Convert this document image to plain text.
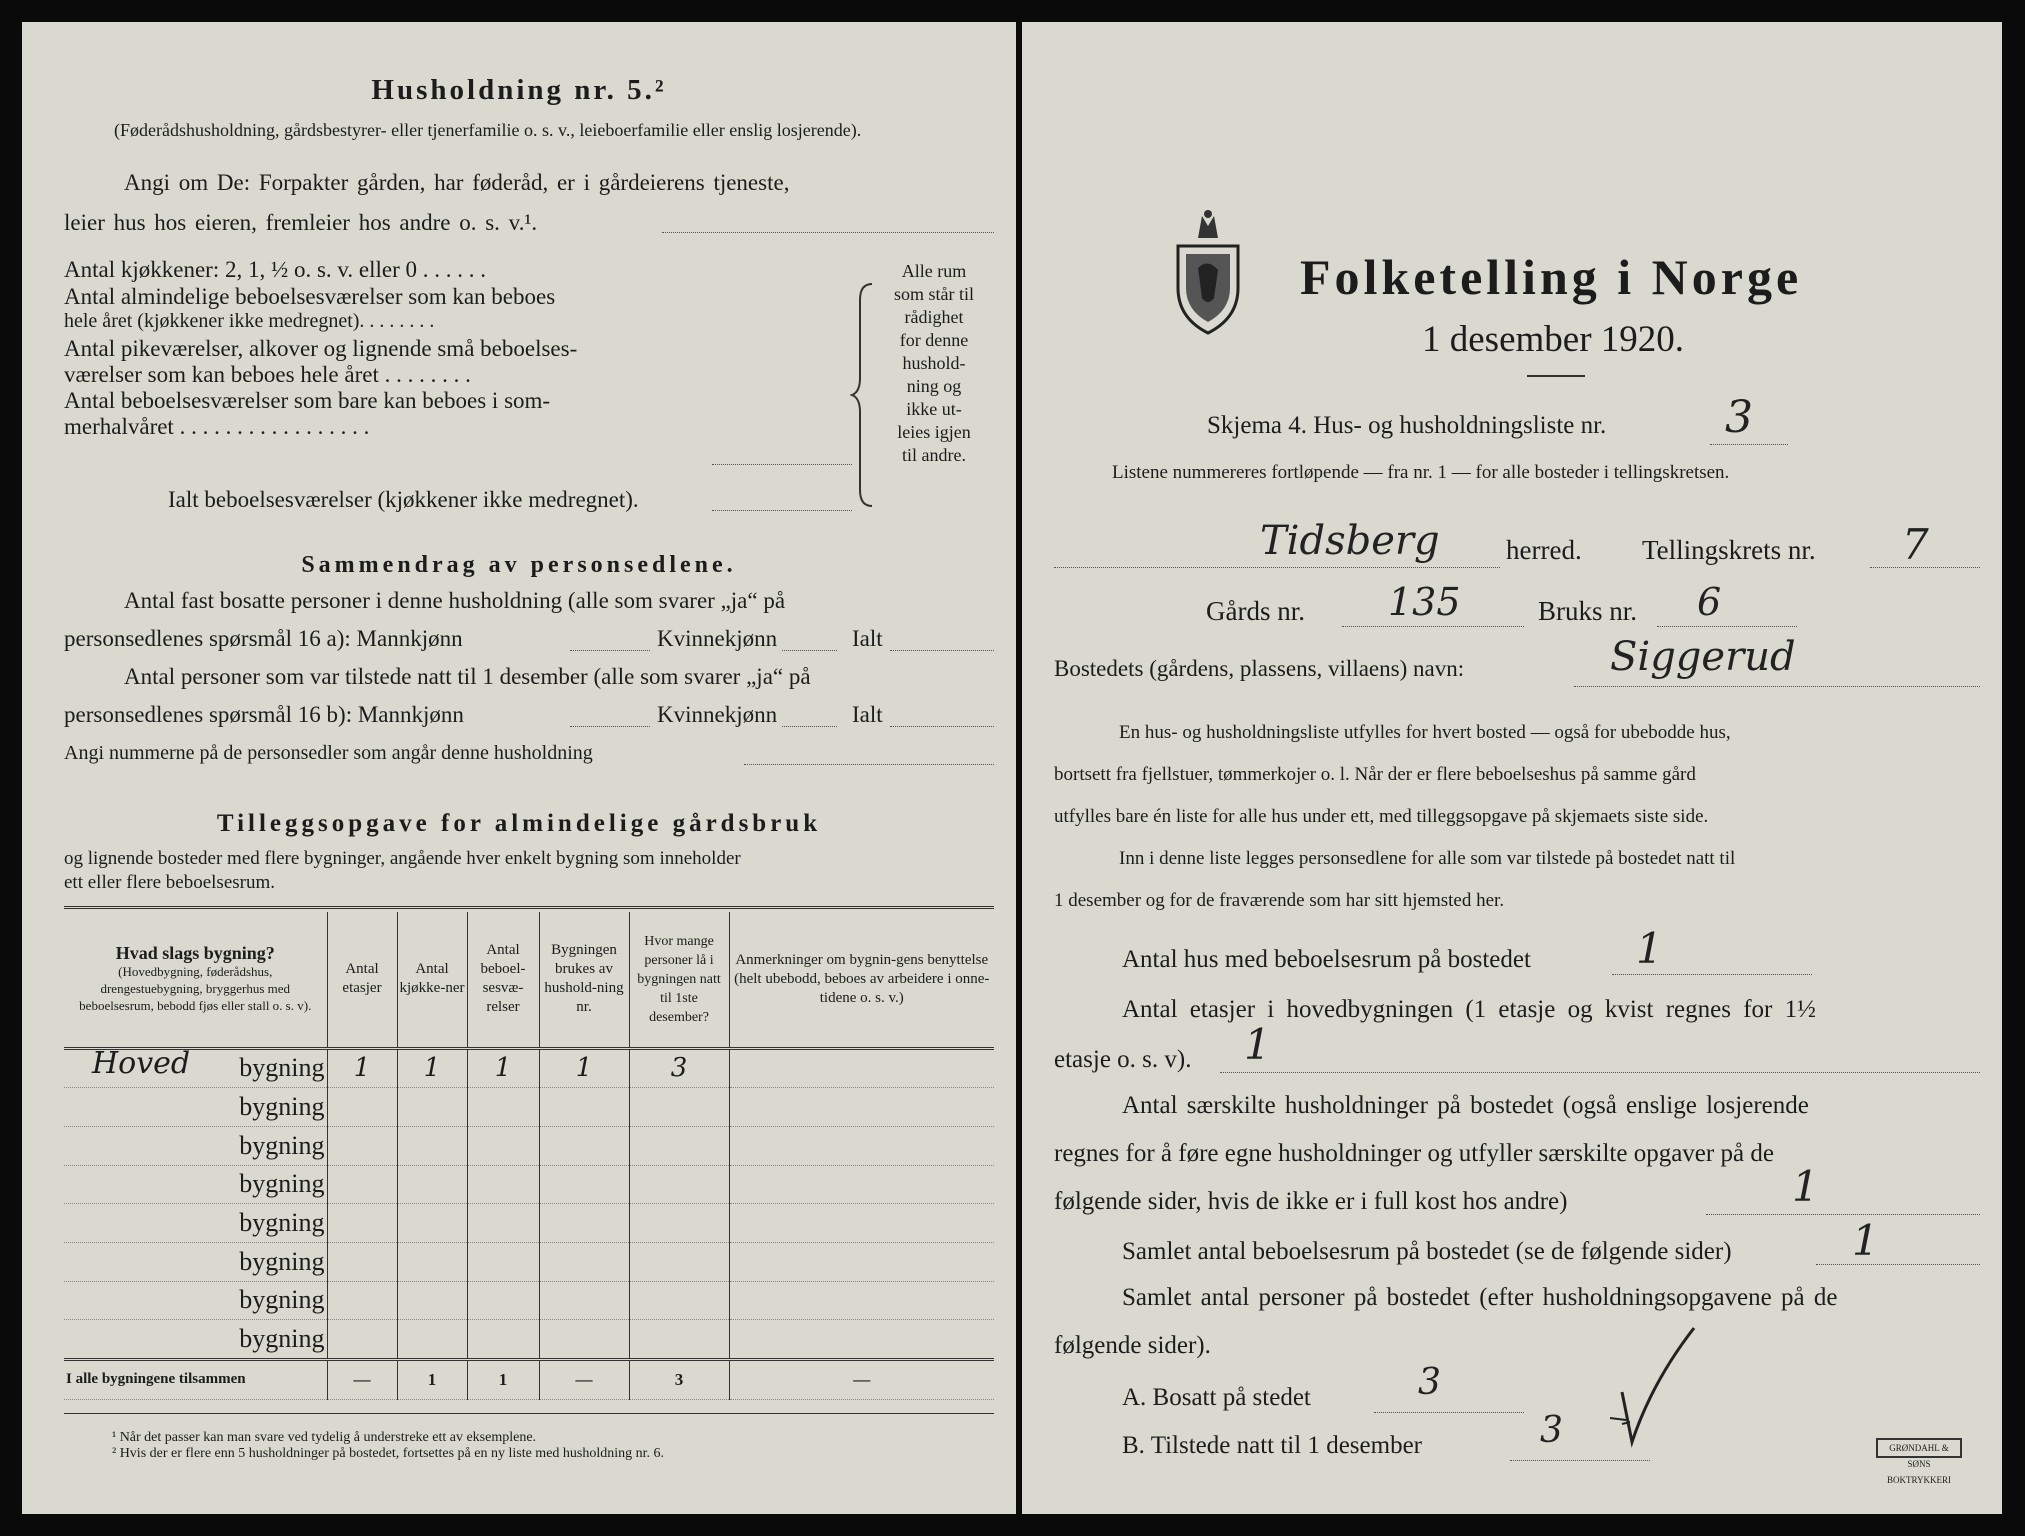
Husholdning nr. 5.²
(Føderådshusholdning, gårdsbestyrer- eller tjenerfamilie o. s. v., leieboerfamilie eller enslig losjerende).
Angi om De: Forpakter gården, har føderåd, er i gårdeierens tjeneste,
leier hus hos eieren, fremleier hos andre o. s. v.¹.
Antal kjøkkener: 2, 1, ½ o. s. v. eller 0 . . . . . .
Antal almindelige beboelsesværelser som kan beboes
hele året (kjøkkener ikke medregnet). . . . . . . .
Antal pikeværelser, alkover og lignende små beboelses-
værelser som kan beboes hele året . . . . . . . .
Antal beboelsesværelser som bare kan beboes i som-
merhalvåret . . . . . . . . . . . . . . . . .
Ialt beboelsesværelser (kjøkkener ikke medregnet).
Alle rum
som står til
rådighet
for denne
hushold-
ning og
ikke ut-
leies igjen
til andre.
Sammendrag av personsedlene.
Antal fast bosatte personer i denne husholdning (alle som svarer „ja“ på
personsedlenes spørsmål 16 a): Mannkjønn	Kvinnekjønn	Ialt
Antal personer som var tilstede natt til 1 desember (alle som svarer „ja“ på
personsedlenes spørsmål 16 b): Mannkjønn	Kvinnekjønn	Ialt
Angi nummerne på de personsedler som angår denne husholdning
Tilleggsopgave for almindelige gårdsbruk
og lignende bosteder med flere bygninger, angående hver enkelt bygning som inneholder
ett eller flere beboelsesrum.
Hvad slags bygning?
(Hovedbygning, føderådshus, drengestuebygning, bryggerhus med beboelsesrum, bebodd fjøs eller stall o. s. v).	Antal etasjer	Antal kjøkke-ner	Antal beboel-sesvæ-relser	Bygningen brukes av hushold-ning nr.	Hvor mange personer lå i bygningen natt til 1ste desember?	Anmerkninger om bygnin-gens benyttelse (helt ubebodd, beboes av arbeidere i onne-tidene o. s. v.)

Hoved bygning	1	1	1	1	3	

bygning						

bygning						

bygning						

bygning						

bygning						

bygning						

bygning						
I alle bygningene tilsammen	—	1	1	—	3	—
¹ Når det passer kan man svare ved tydelig å understreke ett av eksemplene.
² Hvis der er flere enn 5 husholdninger på bostedet, fortsettes på en ny liste med husholdning nr. 6.
Folketelling i Norge
1 desember 1920.
Skjema 4. Hus- og husholdningsliste nr.	3
Listene nummereres fortløpende — fra nr. 1 — for alle bosteder i tellingskretsen.
Tidsberg herred. Tellingskrets nr. 7
Gårds nr. 135	Bruks nr. 6
Bostedets (gårdens, plassens, villaens) navn:	Siggerud
En hus- og husholdningsliste utfylles for hvert bosted — også for ubebodde hus,
bortsett fra fjellstuer, tømmerkojer o. l. Når der er flere beboelseshus på samme gård
utfylles bare én liste for alle hus under ett, med tilleggsopgave på skjemaets siste side.
Inn i denne liste legges personsedlene for alle som var tilstede på bostedet natt til
1 desember og for de fraværende som har sitt hjemsted her.
Antal hus med beboelsesrum på bostedet	1
Antal etasjer i hovedbygningen (1 etasje og kvist regnes for 1½
etasje o. s. v). 1
Antal særskilte husholdninger på bostedet (også enslige losjerende
regnes for å føre egne husholdninger og utfyller særskilte opgaver på de
følgende sider, hvis de ikke er i full kost hos andre)	1
Samlet antal beboelsesrum på bostedet (se de følgende sider)	1
Samlet antal personer på bostedet (efter husholdningsopgavene på de
følgende sider).
A. Bosatt på stedet	3
B. Tilstede natt til 1 desember	3	GRØNDAHL & SØNS BOKTRYKKERI
